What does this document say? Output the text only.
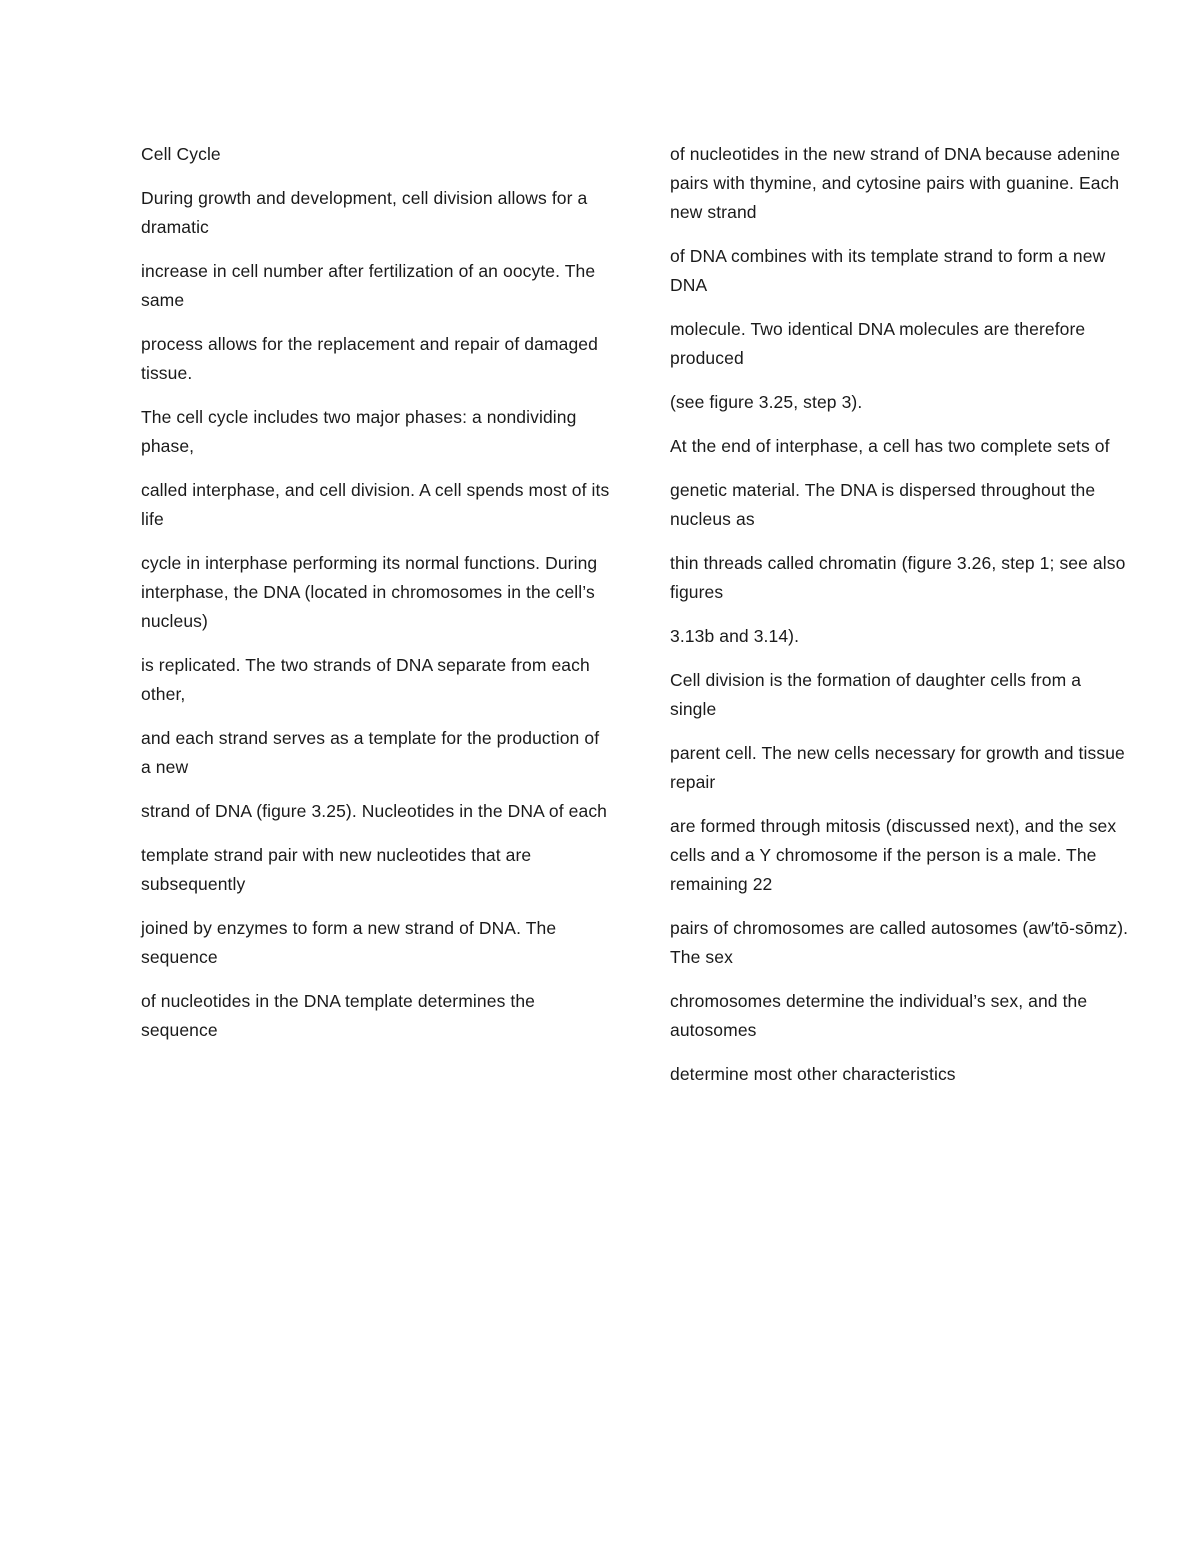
Cell Cycle

During growth and development, cell division allows for a dramatic

increase in cell number after fertilization of an oocyte. The same

process allows for the replacement and repair of damaged tissue.

The cell cycle includes two major phases: a nondividing phase,

called interphase, and cell division. A cell spends most of its life

cycle in interphase performing its normal functions. During interphase, the DNA (located in chromosomes in the cell’s nucleus)

is replicated. The two strands of DNA separate from each other,

and each strand serves as a template for the production of a new

strand of DNA (figure 3.25). Nucleotides in the DNA of each

template strand pair with new nucleotides that are subsequently

joined by enzymes to form a new strand of DNA. The sequence

of nucleotides in the DNA template determines the sequence

of nucleotides in the new strand of DNA because adenine pairs with thymine, and cytosine pairs with guanine. Each new strand

of DNA combines with its template strand to form a new DNA

molecule. Two identical DNA molecules are therefore produced

(see figure 3.25, step 3).

At the end of interphase, a cell has two complete sets of

genetic material. The DNA is dispersed throughout the nucleus as

thin threads called chromatin (figure 3.26, step 1; see also figures

3.13b and 3.14).

Cell division is the formation of daughter cells from a single

parent cell. The new cells necessary for growth and tissue repair

are formed through mitosis (discussed next), and the sex cells and a Y chromosome if the person is a male. The remaining 22

pairs of chromosomes are called autosomes (aw′tō-sōmz). The sex

chromosomes determine the individual’s sex, and the autosomes

determine most other characteristics
